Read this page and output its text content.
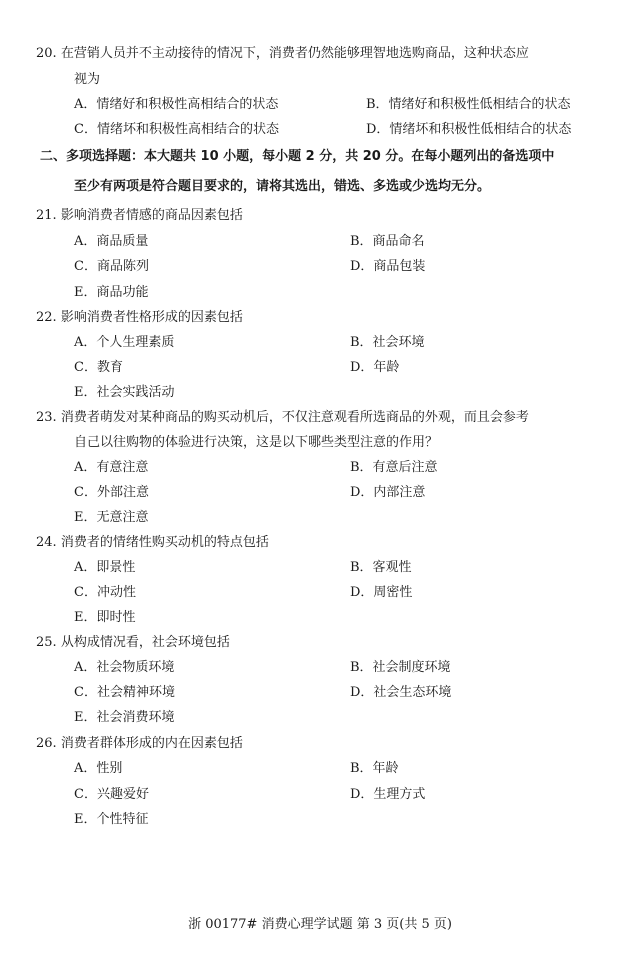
20. 在营销人员并不主动接待的情况下，消费者仍然能够理智地选购商品，这种状态应
视为
A．情绪好和积极性高相结合的状态	B．情绪好和积极性低相结合的状态
C．情绪坏和积极性高相结合的状态	D．情绪坏和积极性低相结合的状态
二、多项选择题：本大题共 10 小题，每小题 2 分，共 20 分。在每小题列出的备选项中
至少有两项是符合题目要求的，请将其选出，错选、多选或少选均无分。
21. 影响消费者情感的商品因素包括
A．商品质量	B．商品命名
C．商品陈列	D．商品包装
E．商品功能
22. 影响消费者性格形成的因素包括
A．个人生理素质	B．社会环境
C．教育	D．年龄
E．社会实践活动
23. 消费者萌发对某种商品的购买动机后，不仅注意观看所选商品的外观，而且会参考
自己以往购物的体验进行决策，这是以下哪些类型注意的作用？
A．有意注意	B．有意后注意
C．外部注意	D．内部注意
E．无意注意
24. 消费者的情绪性购买动机的特点包括
A．即景性	B．客观性
C．冲动性	D．周密性
E．即时性
25. 从构成情况看，社会环境包括
A．社会物质环境	B．社会制度环境
C．社会精神环境	D．社会生态环境
E．社会消费环境
26. 消费者群体形成的内在因素包括
A．性别	B．年龄
C．兴趣爱好	D．生理方式
E．个性特征
浙 00177# 消费心理学试题 第 3 页(共 5 页)
